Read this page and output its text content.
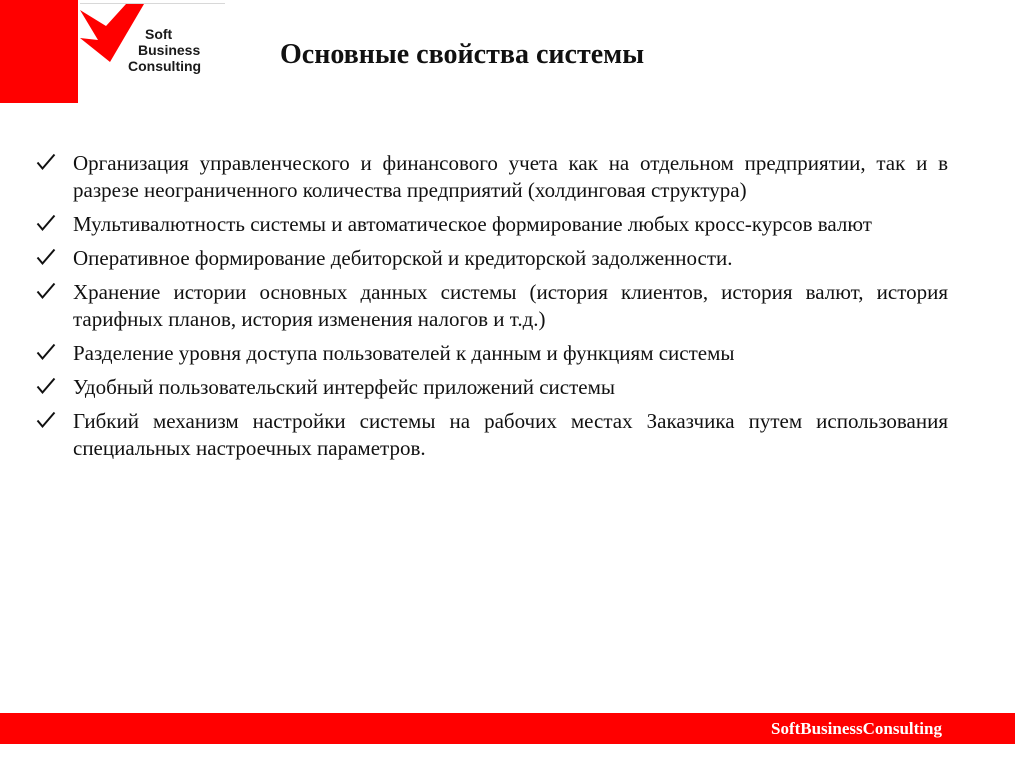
Soft
Business
Consulting	Основные свойства системы
Организация управленческого и финансового учета как на отдельном предприятии, так и в разрезе неограниченного количества предприятий (холдинговая структура)
Мультивалютность системы и автоматическое формирование любых кросс-курсов валют
Оперативное формирование дебиторской и кредиторской задолженности.
Хранение истории основных данных системы (история клиентов, история валют, история тарифных планов, история изменения налогов и т.д.)
Разделение уровня доступа пользователей к данным и функциям системы
Удобный пользовательский интерфейс приложений системы
Гибкий механизм настройки системы на рабочих местах Заказчика путем использования специальных настроечных параметров.
SoftBusinessConsulting
